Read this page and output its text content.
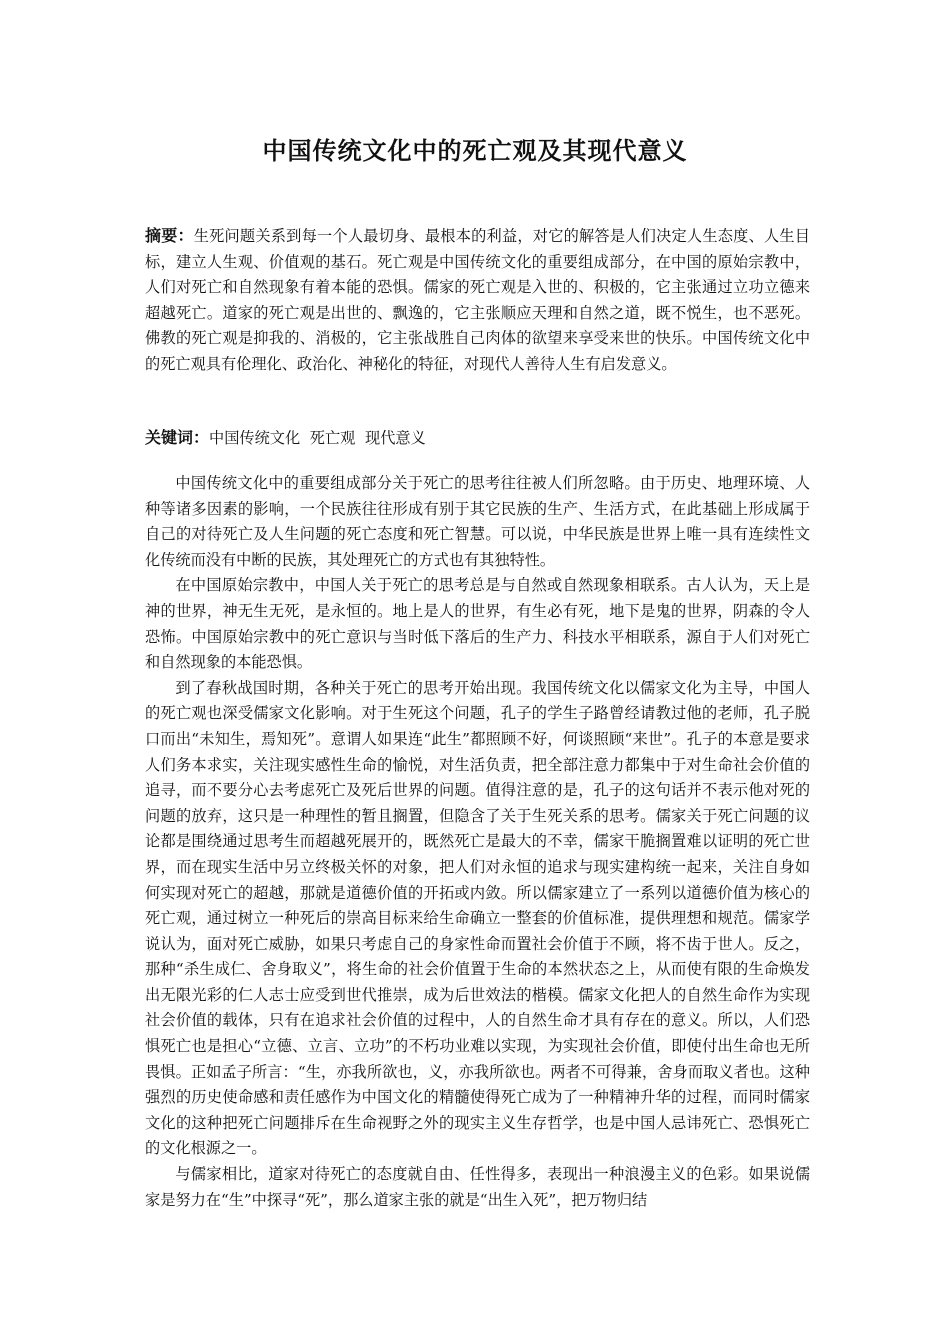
中国传统文化中的死亡观及其现代意义
摘要：生死问题关系到每一个人最切身、最根本的利益，对它的解答是人们决定人生态度、人生目标，建立人生观、价值观的基石。死亡观是中国传统文化的重要组成部分，在中国的原始宗教中，人们对死亡和自然现象有着本能的恐惧。儒家的死亡观是入世的、积极的，它主张通过立功立德来超越死亡。道家的死亡观是出世的、飘逸的，它主张顺应天理和自然之道，既不悦生，也不恶死。佛教的死亡观是抑我的、消极的，它主张战胜自己肉体的欲望来享受来世的快乐。中国传统文化中的死亡观具有伦理化、政治化、神秘化的特征，对现代人善待人生有启发意义。
关键词：中国传统文化  死亡观  现代意义

中国传统文化中的重要组成部分关于死亡的思考往往被人们所忽略。由于历史、地理环境、人种等诸多因素的影响，一个民族往往形成有别于其它民族的生产、生活方式，在此基础上形成属于自己的对待死亡及人生问题的死亡态度和死亡智慧。可以说，中华民族是世界上唯一具有连续性文化传统而没有中断的民族，其处理死亡的方式也有其独特性。

在中国原始宗教中，中国人关于死亡的思考总是与自然或自然现象相联系。古人认为，天上是神的世界，神无生无死，是永恒的。地上是人的世界，有生必有死，地下是鬼的世界，阴森的令人恐怖。中国原始宗教中的死亡意识与当时低下落后的生产力、科技水平相联系，源自于人们对死亡和自然现象的本能恐惧。

到了春秋战国时期，各种关于死亡的思考开始出现。我国传统文化以儒家文化为主导，中国人的死亡观也深受儒家文化影响。对于生死这个问题，孔子的学生子路曾经请教过他的老师，孔子脱口而出“未知生，焉知死”。意谓人如果连“此生”都照顾不好，何谈照顾“来世”。孔子的本意是要求人们务本求实，关注现实感性生命的愉悦，对生活负责，把全部注意力都集中于对生命社会价值的追寻，而不要分心去考虑死亡及死后世界的问题。值得注意的是，孔子的这句话并不表示他对死的问题的放弃，这只是一种理性的暂且搁置，但隐含了关于生死关系的思考。儒家关于死亡问题的议论都是围绕通过思考生而超越死展开的，既然死亡是最大的不幸，儒家干脆搁置难以证明的死亡世界，而在现实生活中另立终极关怀的对象，把人们对永恒的追求与现实建构统一起来，关注自身如何实现对死亡的超越，那就是道德价值的开拓或内敛。所以儒家建立了一系列以道德价值为核心的死亡观，通过树立一种死后的崇高目标来给生命确立一整套的价值标准，提供理想和规范。儒家学说认为，面对死亡威胁，如果只考虑自己的身家性命而置社会价值于不顾，将不齿于世人。反之，那种“杀生成仁、舍身取义”，将生命的社会价值置于生命的本然状态之上，从而使有限的生命焕发出无限光彩的仁人志士应受到世代推崇，成为后世效法的楷模。儒家文化把人的自然生命作为实现社会价值的载体，只有在追求社会价值的过程中，人的自然生命才具有存在的意义。所以，人们恐惧死亡也是担心“立德、立言、立功”的不朽功业难以实现，为实现社会价值，即使付出生命也无所畏惧。正如孟子所言：“生，亦我所欲也，义，亦我所欲也。两者不可得兼，舍身而取义者也。这种强烈的历史使命感和责任感作为中国文化的精髓使得死亡成为了一种精神升华的过程，而同时儒家文化的这种把死亡问题排斥在生命视野之外的现实主义生存哲学，也是中国人忌讳死亡、恐惧死亡的文化根源之一。

与儒家相比，道家对待死亡的态度就自由、任性得多，表现出一种浪漫主义的色彩。如果说儒家是努力在“生”中探寻“死”，那么道家主张的就是“出生入死”，把万物归结
